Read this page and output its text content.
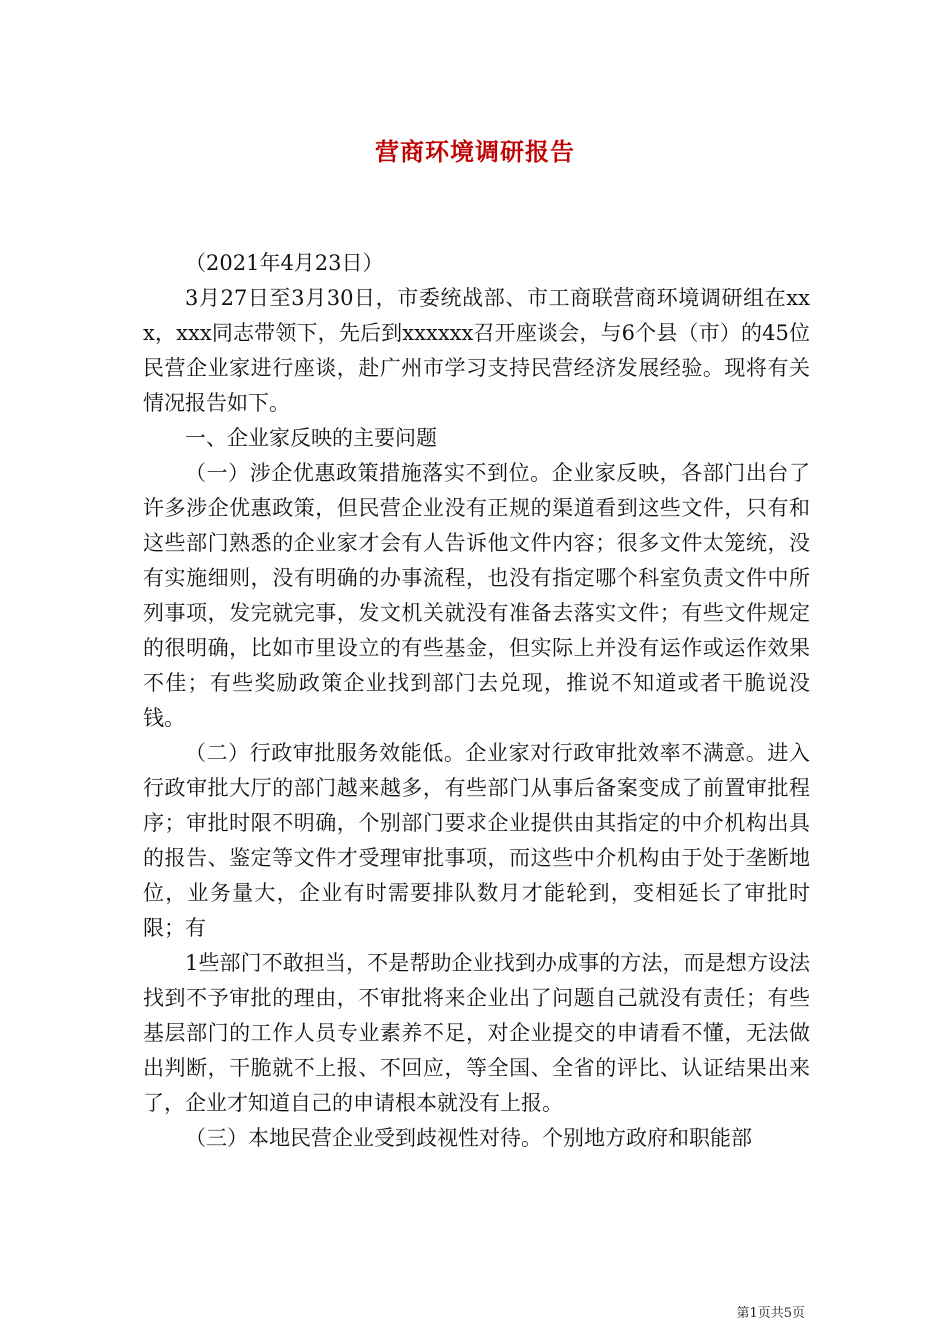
营商环境调研报告

（2021年4月23日）

3月27日至3月30日，市委统战部、市工商联营商环境调研组在xxx，xxx同志带领下，先后到xxxxxx召开座谈会，与6个县（市）的45位民营企业家进行座谈，赴广州市学习支持民营经济发展经验。现将有关情况报告如下。

一、企业家反映的主要问题

（一）涉企优惠政策措施落实不到位。企业家反映，各部门出台了许多涉企优惠政策，但民营企业没有正规的渠道看到这些文件，只有和这些部门熟悉的企业家才会有人告诉他文件内容；很多文件太笼统，没有实施细则，没有明确的办事流程，也没有指定哪个科室负责文件中所列事项，发完就完事，发文机关就没有准备去落实文件；有些文件规定的很明确，比如市里设立的有些基金，但实际上并没有运作或运作效果不佳；有些奖励政策企业找到部门去兑现，推说不知道或者干脆说没钱。

（二）行政审批服务效能低。企业家对行政审批效率不满意。进入行政审批大厅的部门越来越多，有些部门从事后备案变成了前置审批程序；审批时限不明确，个别部门要求企业提供由其指定的中介机构出具的报告、鉴定等文件才受理审批事项，而这些中介机构由于处于垄断地位，业务量大，企业有时需要排队数月才能轮到，变相延长了审批时限；有

1些部门不敢担当，不是帮助企业找到办成事的方法，而是想方设法找到不予审批的理由，不审批将来企业出了问题自己就没有责任；有些基层部门的工作人员专业素养不足，对企业提交的申请看不懂，无法做出判断，干脆就不上报、不回应，等全国、全省的评比、认证结果出来了，企业才知道自己的申请根本就没有上报。

（三）本地民营企业受到歧视性对待。个别地方政府和职能部

第1页共5页
